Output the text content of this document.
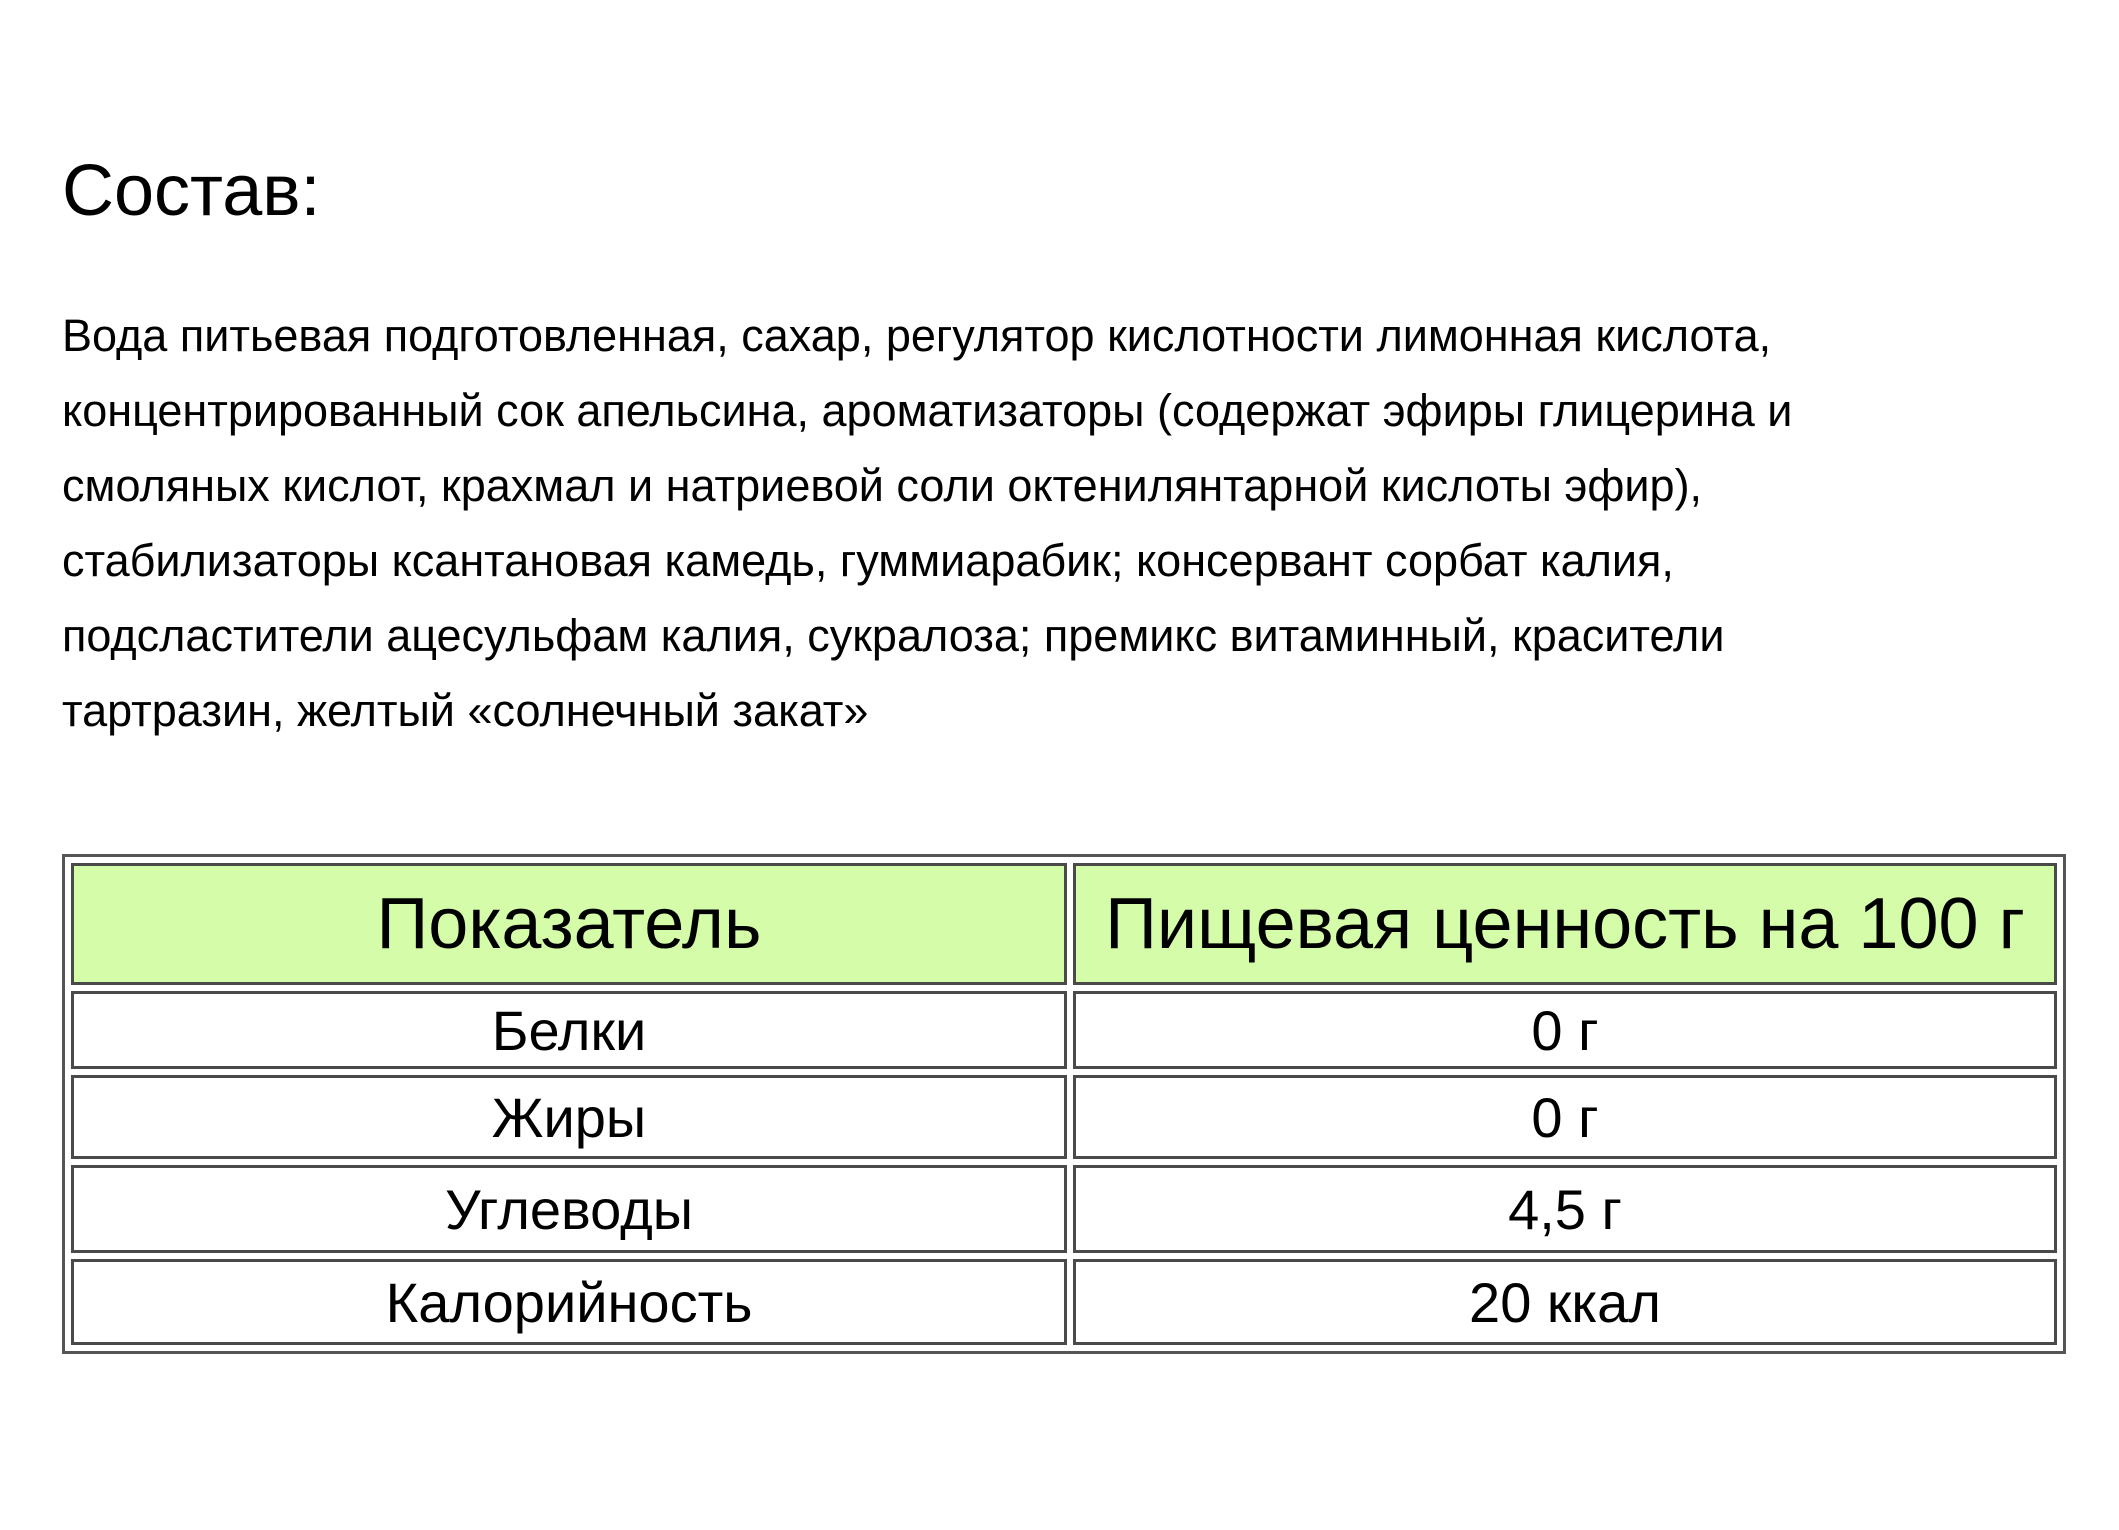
Состав:

Вода питьевая подготовленная, сахар, регулятор кислотности лимонная кислота,
концентрированный сок апельсина, ароматизаторы (содержат эфиры глицерина и
смоляных кислот, крахмал и натриевой соли октенилянтарной кислоты эфир),
стабилизаторы ксантановая камедь, гуммиарабик; консервант сорбат калия,
подсластители ацесульфам калия, сукралоза; премикс витаминный, красители
тартразин, желтый «солнечный закат»

Показатель	Пищевая ценность на 100 г
Белки	0 г
Жиры	0 г
Углеводы	4,5 г
Калорийность	20 ккал
